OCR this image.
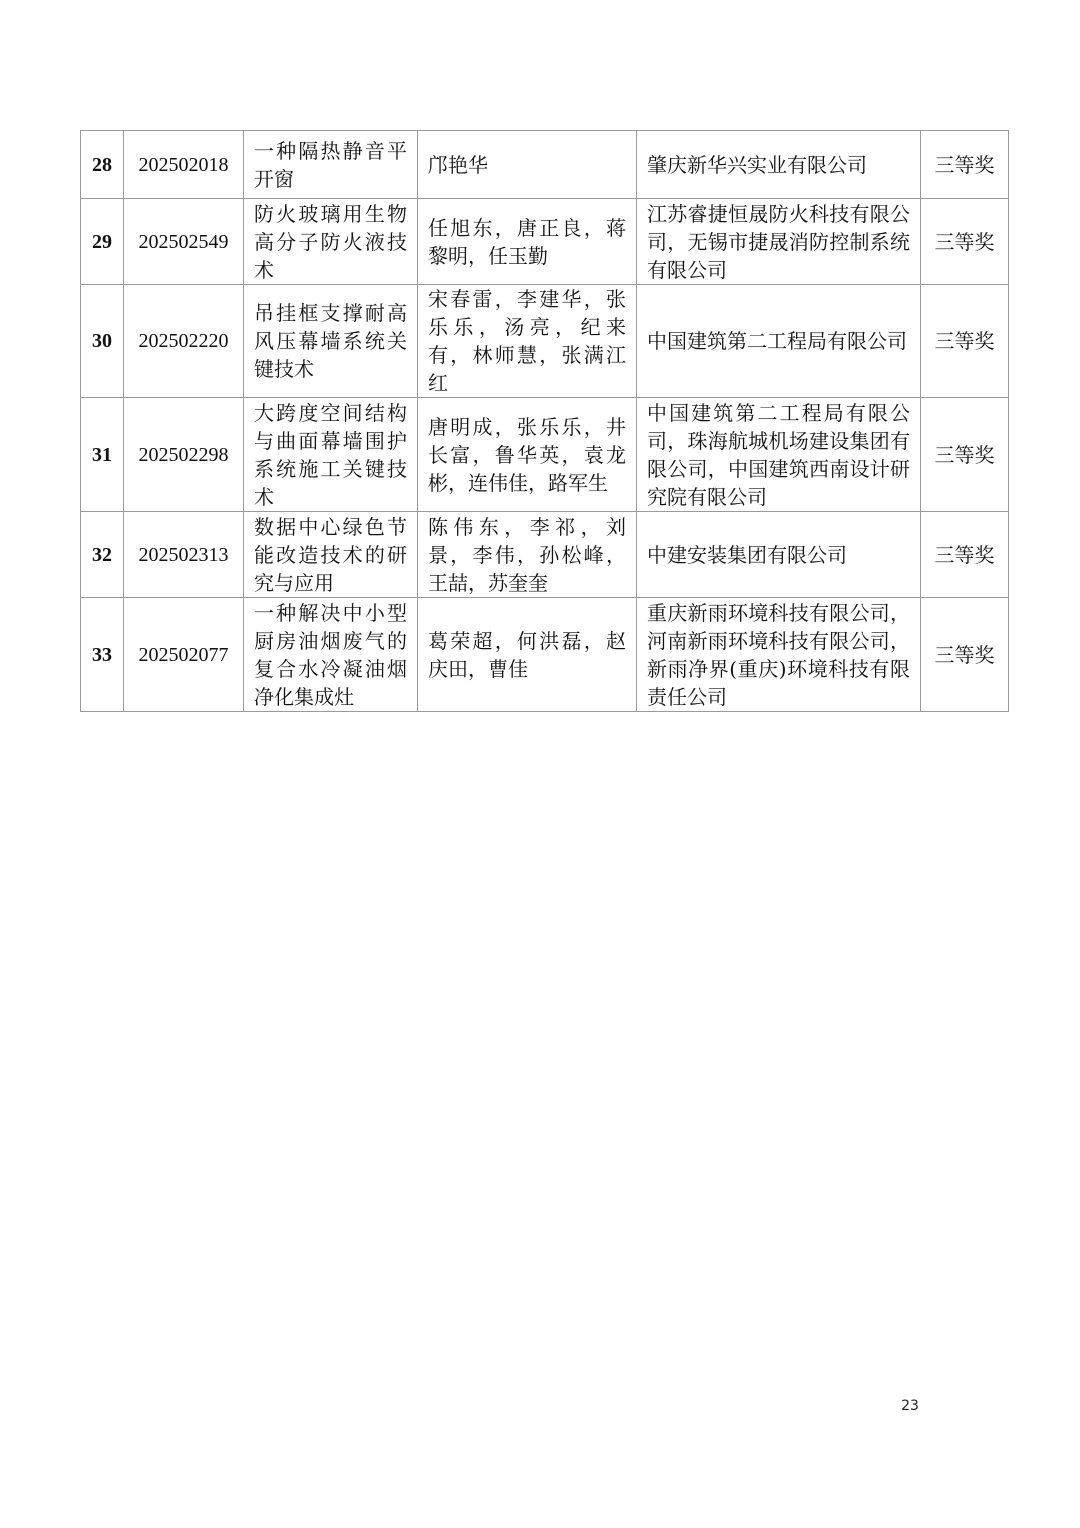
28	202502018	一种隔热静音平开窗	邝艳华	肇庆新华兴实业有限公司	三等奖
29	202502549	防火玻璃用生物高分子防火液技术	任旭东，唐正良，蒋黎明，任玉勤	江苏睿捷恒晟防火科技有限公司，无锡市捷晟消防控制系统有限公司	三等奖
30	202502220	吊挂框支撑耐高风压幕墙系统关键技术	宋春雷，李建华，张乐乐，汤亮，纪来有，林师慧，张满江红	中国建筑第二工程局有限公司	三等奖
31	202502298	大跨度空间结构与曲面幕墙围护系统施工关键技术	唐明成，张乐乐，井长富，鲁华英，袁龙彬，连伟佳，路军生	中国建筑第二工程局有限公司，珠海航城机场建设集团有限公司，中国建筑西南设计研究院有限公司	三等奖
32	202502313	数据中心绿色节能改造技术的研究与应用	陈伟东，李祁，刘景，李伟，孙松峰，王喆，苏奎奎	中建安装集团有限公司	三等奖
33	202502077	一种解决中小型厨房油烟废气的复合水冷凝油烟净化集成灶	葛荣超，何洪磊，赵庆田，曹佳	重庆新雨环境科技有限公司，河南新雨环境科技有限公司，新雨净界(重庆)环境科技有限责任公司	三等奖
23
